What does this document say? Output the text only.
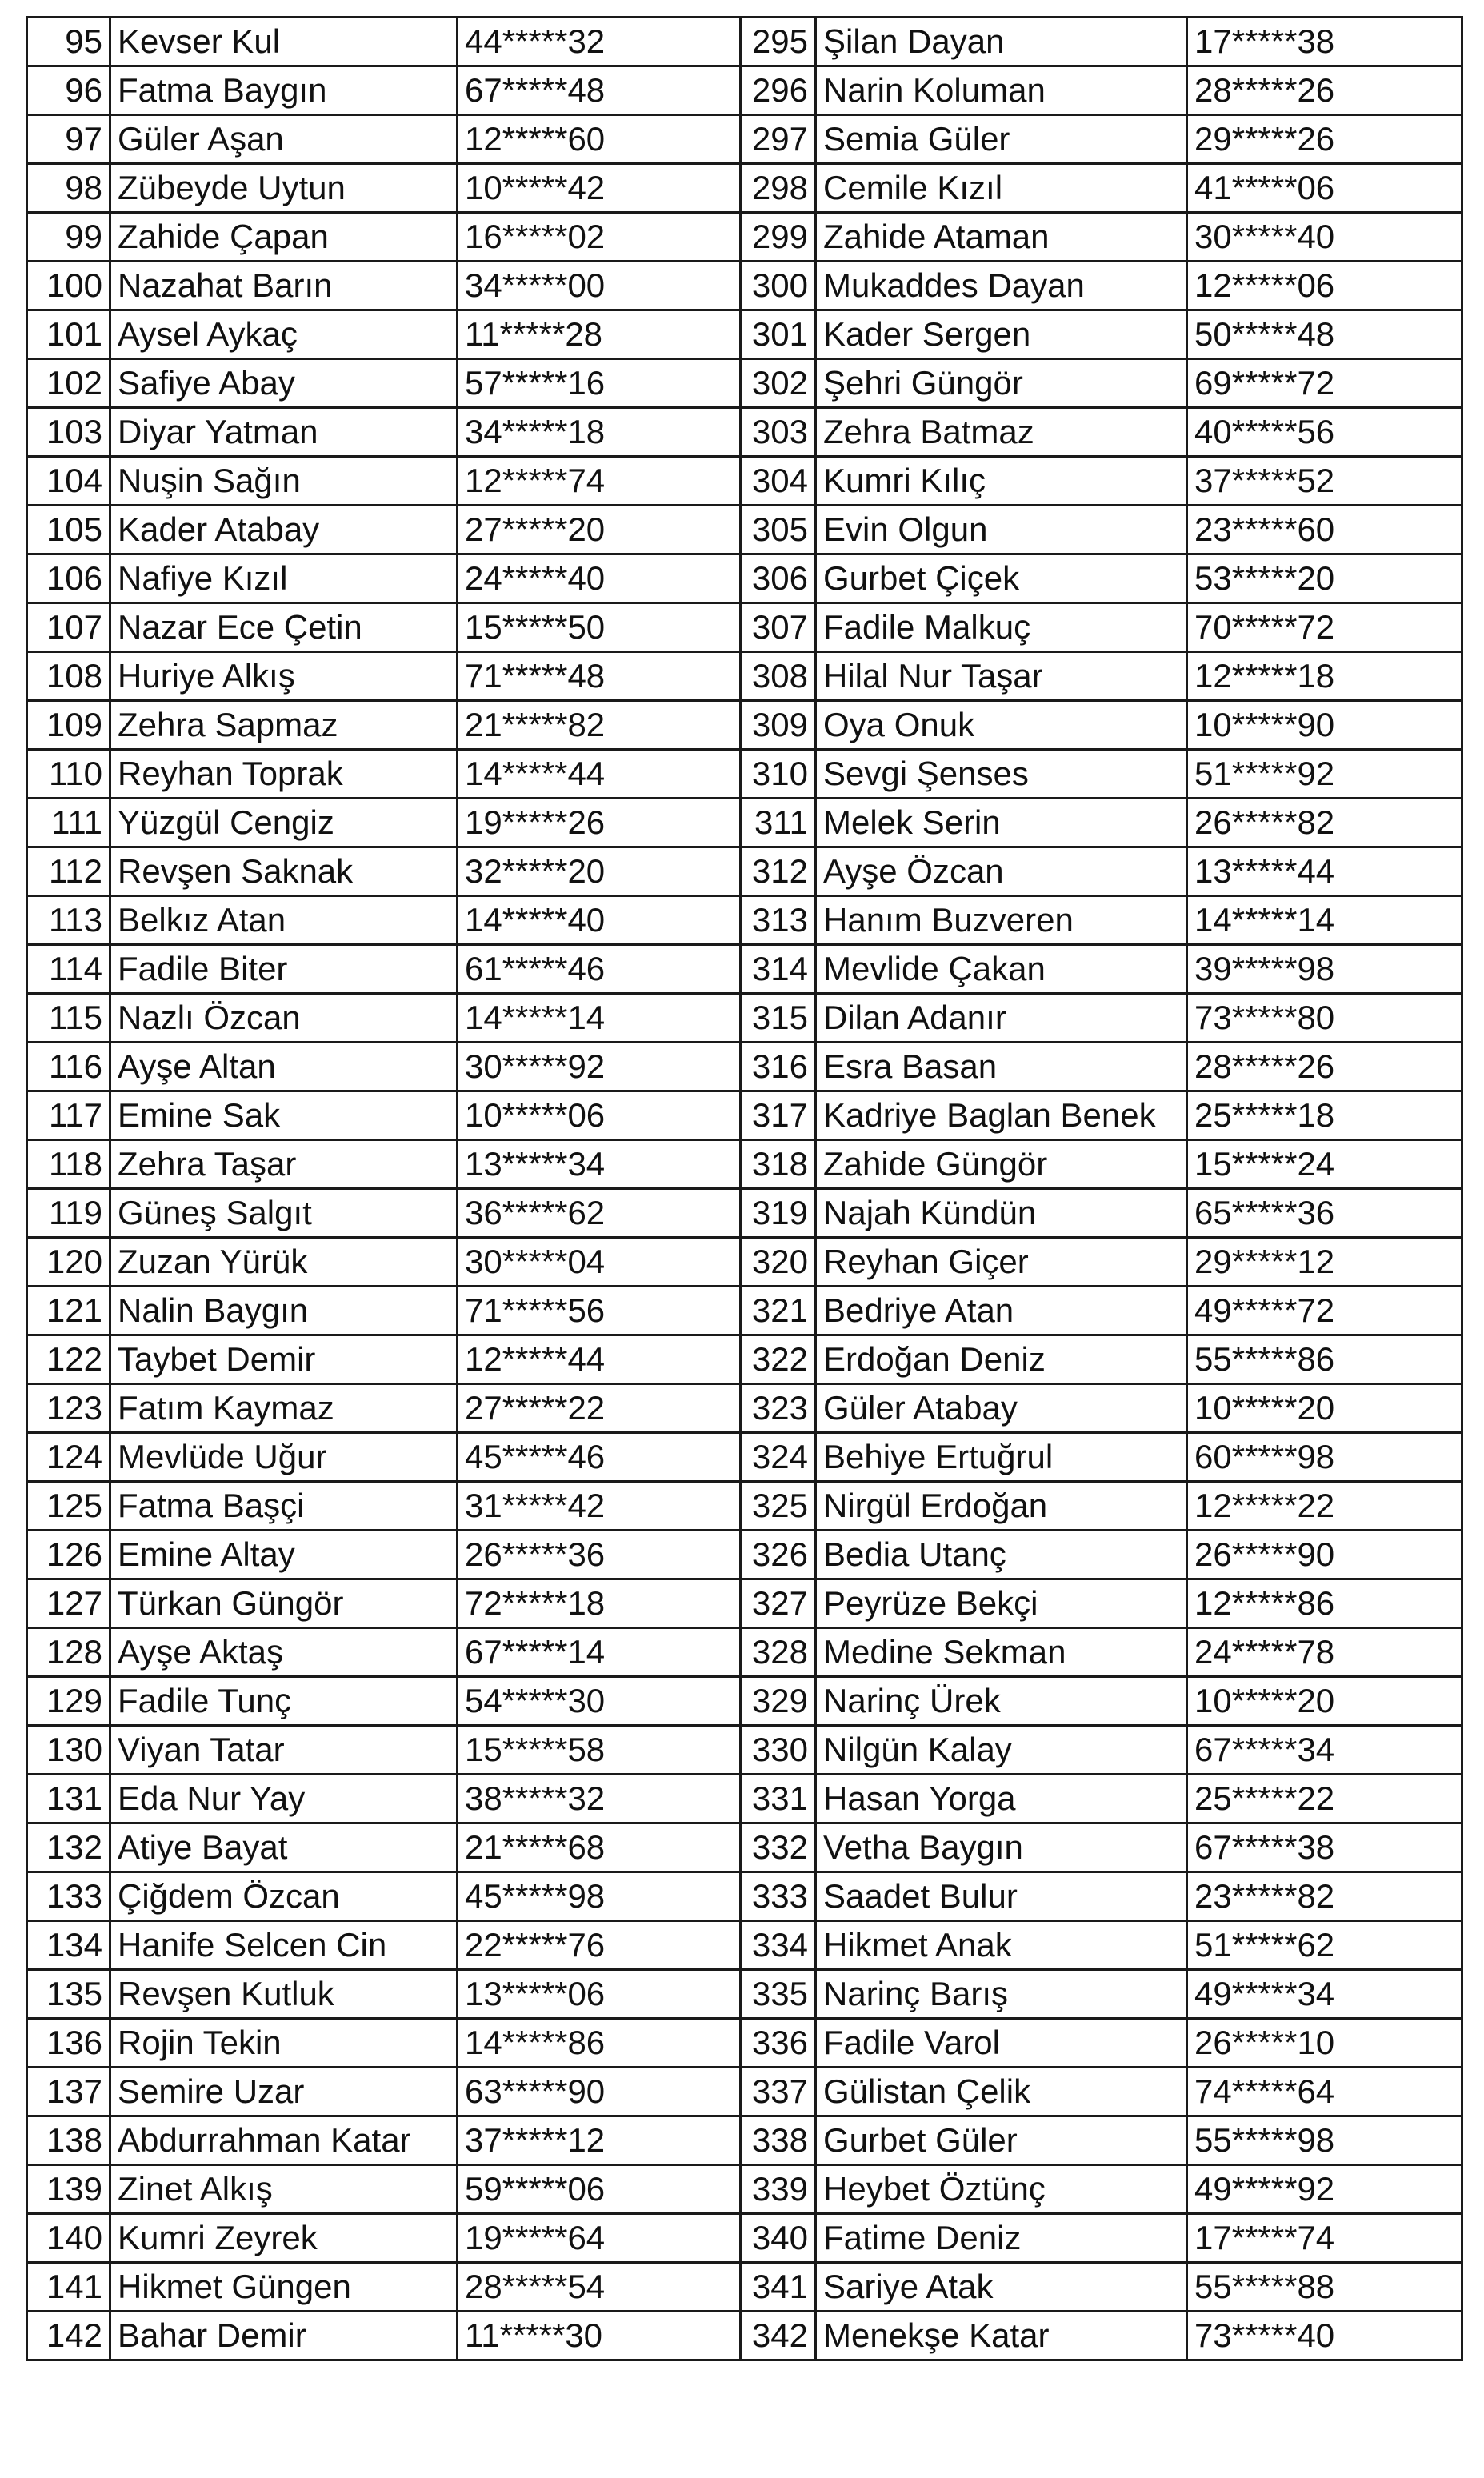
95	Kevser Kul	44*****32	295	Şilan Dayan	17*****38
96	Fatma Baygın	67*****48	296	Narin Koluman	28*****26
97	Güler Aşan	12*****60	297	Semia Güler	29*****26
98	Zübeyde Uytun	10*****42	298	Cemile Kızıl	41*****06
99	Zahide Çapan	16*****02	299	Zahide Ataman	30*****40
100	Nazahat Barın	34*****00	300	Mukaddes Dayan	12*****06
101	Aysel Aykaç	11*****28	301	Kader Sergen	50*****48
102	Safiye Abay	57*****16	302	Şehri Güngör	69*****72
103	Diyar Yatman	34*****18	303	Zehra Batmaz	40*****56
104	Nuşin Sağın	12*****74	304	Kumri Kılıç	37*****52
105	Kader Atabay	27*****20	305	Evin Olgun	23*****60
106	Nafiye Kızıl	24*****40	306	Gurbet Çiçek	53*****20
107	Nazar Ece Çetin	15*****50	307	Fadile Malkuç	70*****72
108	Huriye Alkış	71*****48	308	Hilal Nur Taşar	12*****18
109	Zehra Sapmaz	21*****82	309	Oya Onuk	10*****90
110	Reyhan Toprak	14*****44	310	Sevgi Şenses	51*****92
111	Yüzgül Cengiz	19*****26	311	Melek Serin	26*****82
112	Revşen Saknak	32*****20	312	Ayşe Özcan	13*****44
113	Belkız Atan	14*****40	313	Hanım Buzveren	14*****14
114	Fadile Biter	61*****46	314	Mevlide Çakan	39*****98
115	Nazlı Özcan	14*****14	315	Dilan Adanır	73*****80
116	Ayşe Altan	30*****92	316	Esra Basan	28*****26
117	Emine Sak	10*****06	317	Kadriye Baglan Benek	25*****18
118	Zehra Taşar	13*****34	318	Zahide Güngör	15*****24
119	Güneş Salgıt	36*****62	319	Najah Kündün	65*****36
120	Zuzan Yürük	30*****04	320	Reyhan Giçer	29*****12
121	Nalin Baygın	71*****56	321	Bedriye Atan	49*****72
122	Taybet Demir	12*****44	322	Erdoğan Deniz	55*****86
123	Fatım Kaymaz	27*****22	323	Güler Atabay	10*****20
124	Mevlüde Uğur	45*****46	324	Behiye Ertuğrul	60*****98
125	Fatma Başçi	31*****42	325	Nirgül Erdoğan	12*****22
126	Emine Altay	26*****36	326	Bedia Utanç	26*****90
127	Türkan Güngör	72*****18	327	Peyrüze Bekçi	12*****86
128	Ayşe Aktaş	67*****14	328	Medine Sekman	24*****78
129	Fadile Tunç	54*****30	329	Narinç Ürek	10*****20
130	Viyan Tatar	15*****58	330	Nilgün Kalay	67*****34
131	Eda Nur Yay	38*****32	331	Hasan Yorga	25*****22
132	Atiye Bayat	21*****68	332	Vetha Baygın	67*****38
133	Çiğdem Özcan	45*****98	333	Saadet Bulur	23*****82
134	Hanife Selcen Cin	22*****76	334	Hikmet Anak	51*****62
135	Revşen Kutluk	13*****06	335	Narinç Barış	49*****34
136	Rojin Tekin	14*****86	336	Fadile Varol	26*****10
137	Semire Uzar	63*****90	337	Gülistan Çelik	74*****64
138	Abdurrahman Katar	37*****12	338	Gurbet Güler	55*****98
139	Zinet Alkış	59*****06	339	Heybet Öztünç	49*****92
140	Kumri Zeyrek	19*****64	340	Fatime Deniz	17*****74
141	Hikmet Güngen	28*****54	341	Sariye Atak	55*****88
142	Bahar Demir	11*****30	342	Menekşe Katar	73*****40
